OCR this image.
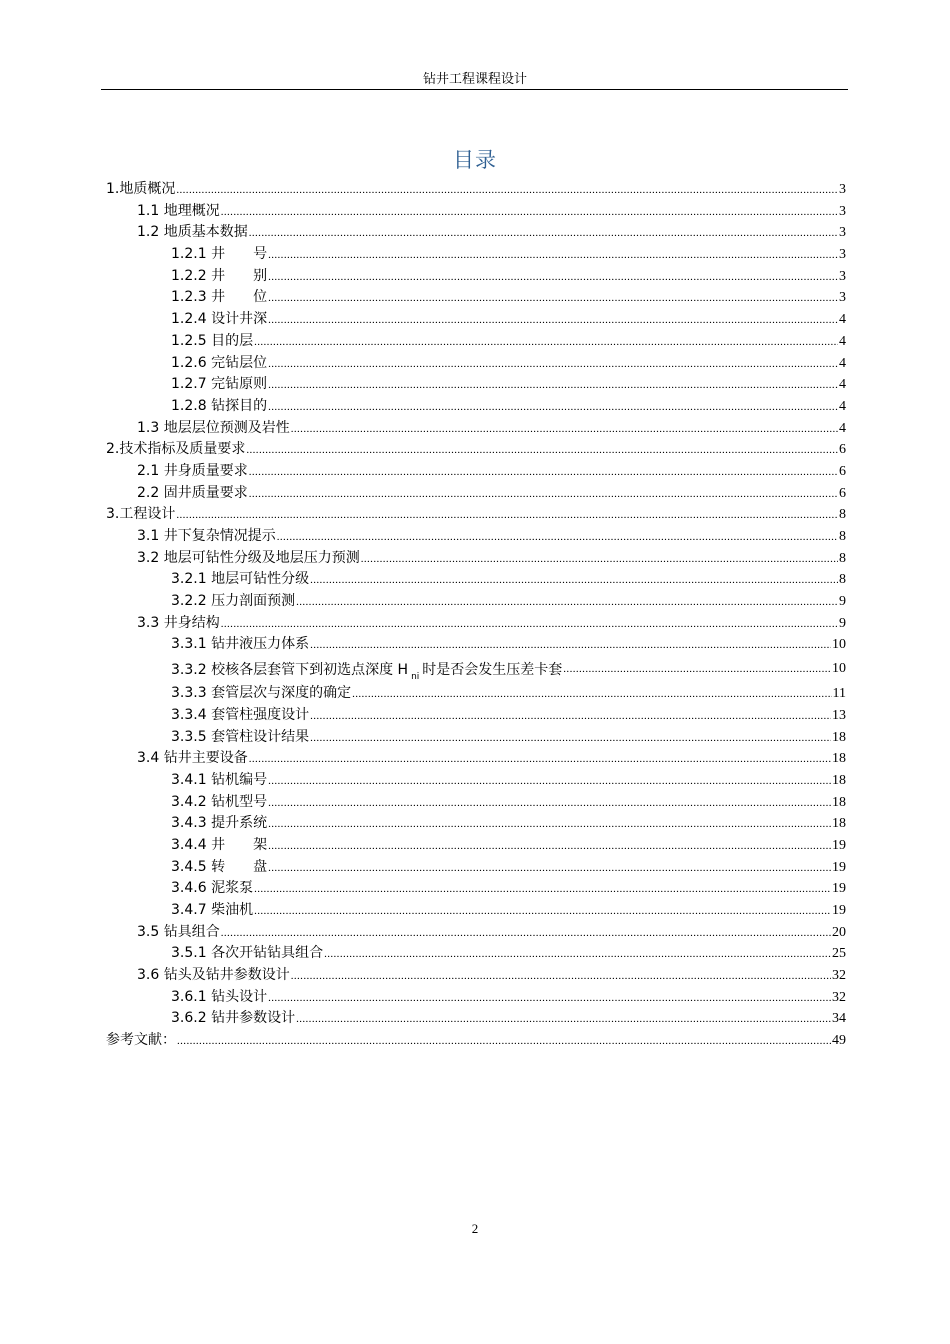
钻井工程课程设计
目录
1.地质概况 .....	3
1.1 地理概况 .....	3
1.2 地质基本数据 .....	3
1.2.1 井　　号 .....	3
1.2.2 井　　别 .....	3
1.2.3 井　　位 .....	3
1.2.4 设计井深 .....	4
1.2.5 目的层 .....	4
1.2.6 完钻层位 .....	4
1.2.7 完钻原则 .....	4
1.2.8 钻探目的 .....	4
1.3 地层层位预测及岩性 .....	4
2.技术指标及质量要求 .....	6
2.1 井身质量要求 .....	6
2.2 固井质量要求 .....	6
3.工程设计 .....	8
3.1 井下复杂情况提示 .....	8
3.2 地层可钻性分级及地层压力预测 .....	8
3.2.1 地层可钻性分级 .....	8
3.2.2 压力剖面预测 .....	9
3.3 井身结构 .....	9
3.3.1 钻井液压力体系 .....	10
3.3.2 校核各层套管下到初选点深度 H $_{ni}$ 时是否会发生压差卡套 .....	10
3.3.3 套管层次与深度的确定 .....	11
3.3.4 套管柱强度设计 .....	13
3.3.5 套管柱设计结果 .....	18
3.4 钻井主要设备 .....	18
3.4.1 钻机编号 .....	18
3.4.2 钻机型号 .....	18
3.4.3 提升系统 .....	18
3.4.4 井　　架 .....	19
3.4.5 转　　盘 .....	19
3.4.6 泥浆泵 .....	19
3.4.7 柴油机 .....	19
3.5 钻具组合 .....	20
3.5.1 各次开钻钻具组合 .....	25
3.6 钻头及钻井参数设计 .....	32
3.6.1 钻头设计 .....	32
3.6.2 钻井参数设计 .....	34
参考文献： .....	49
2
